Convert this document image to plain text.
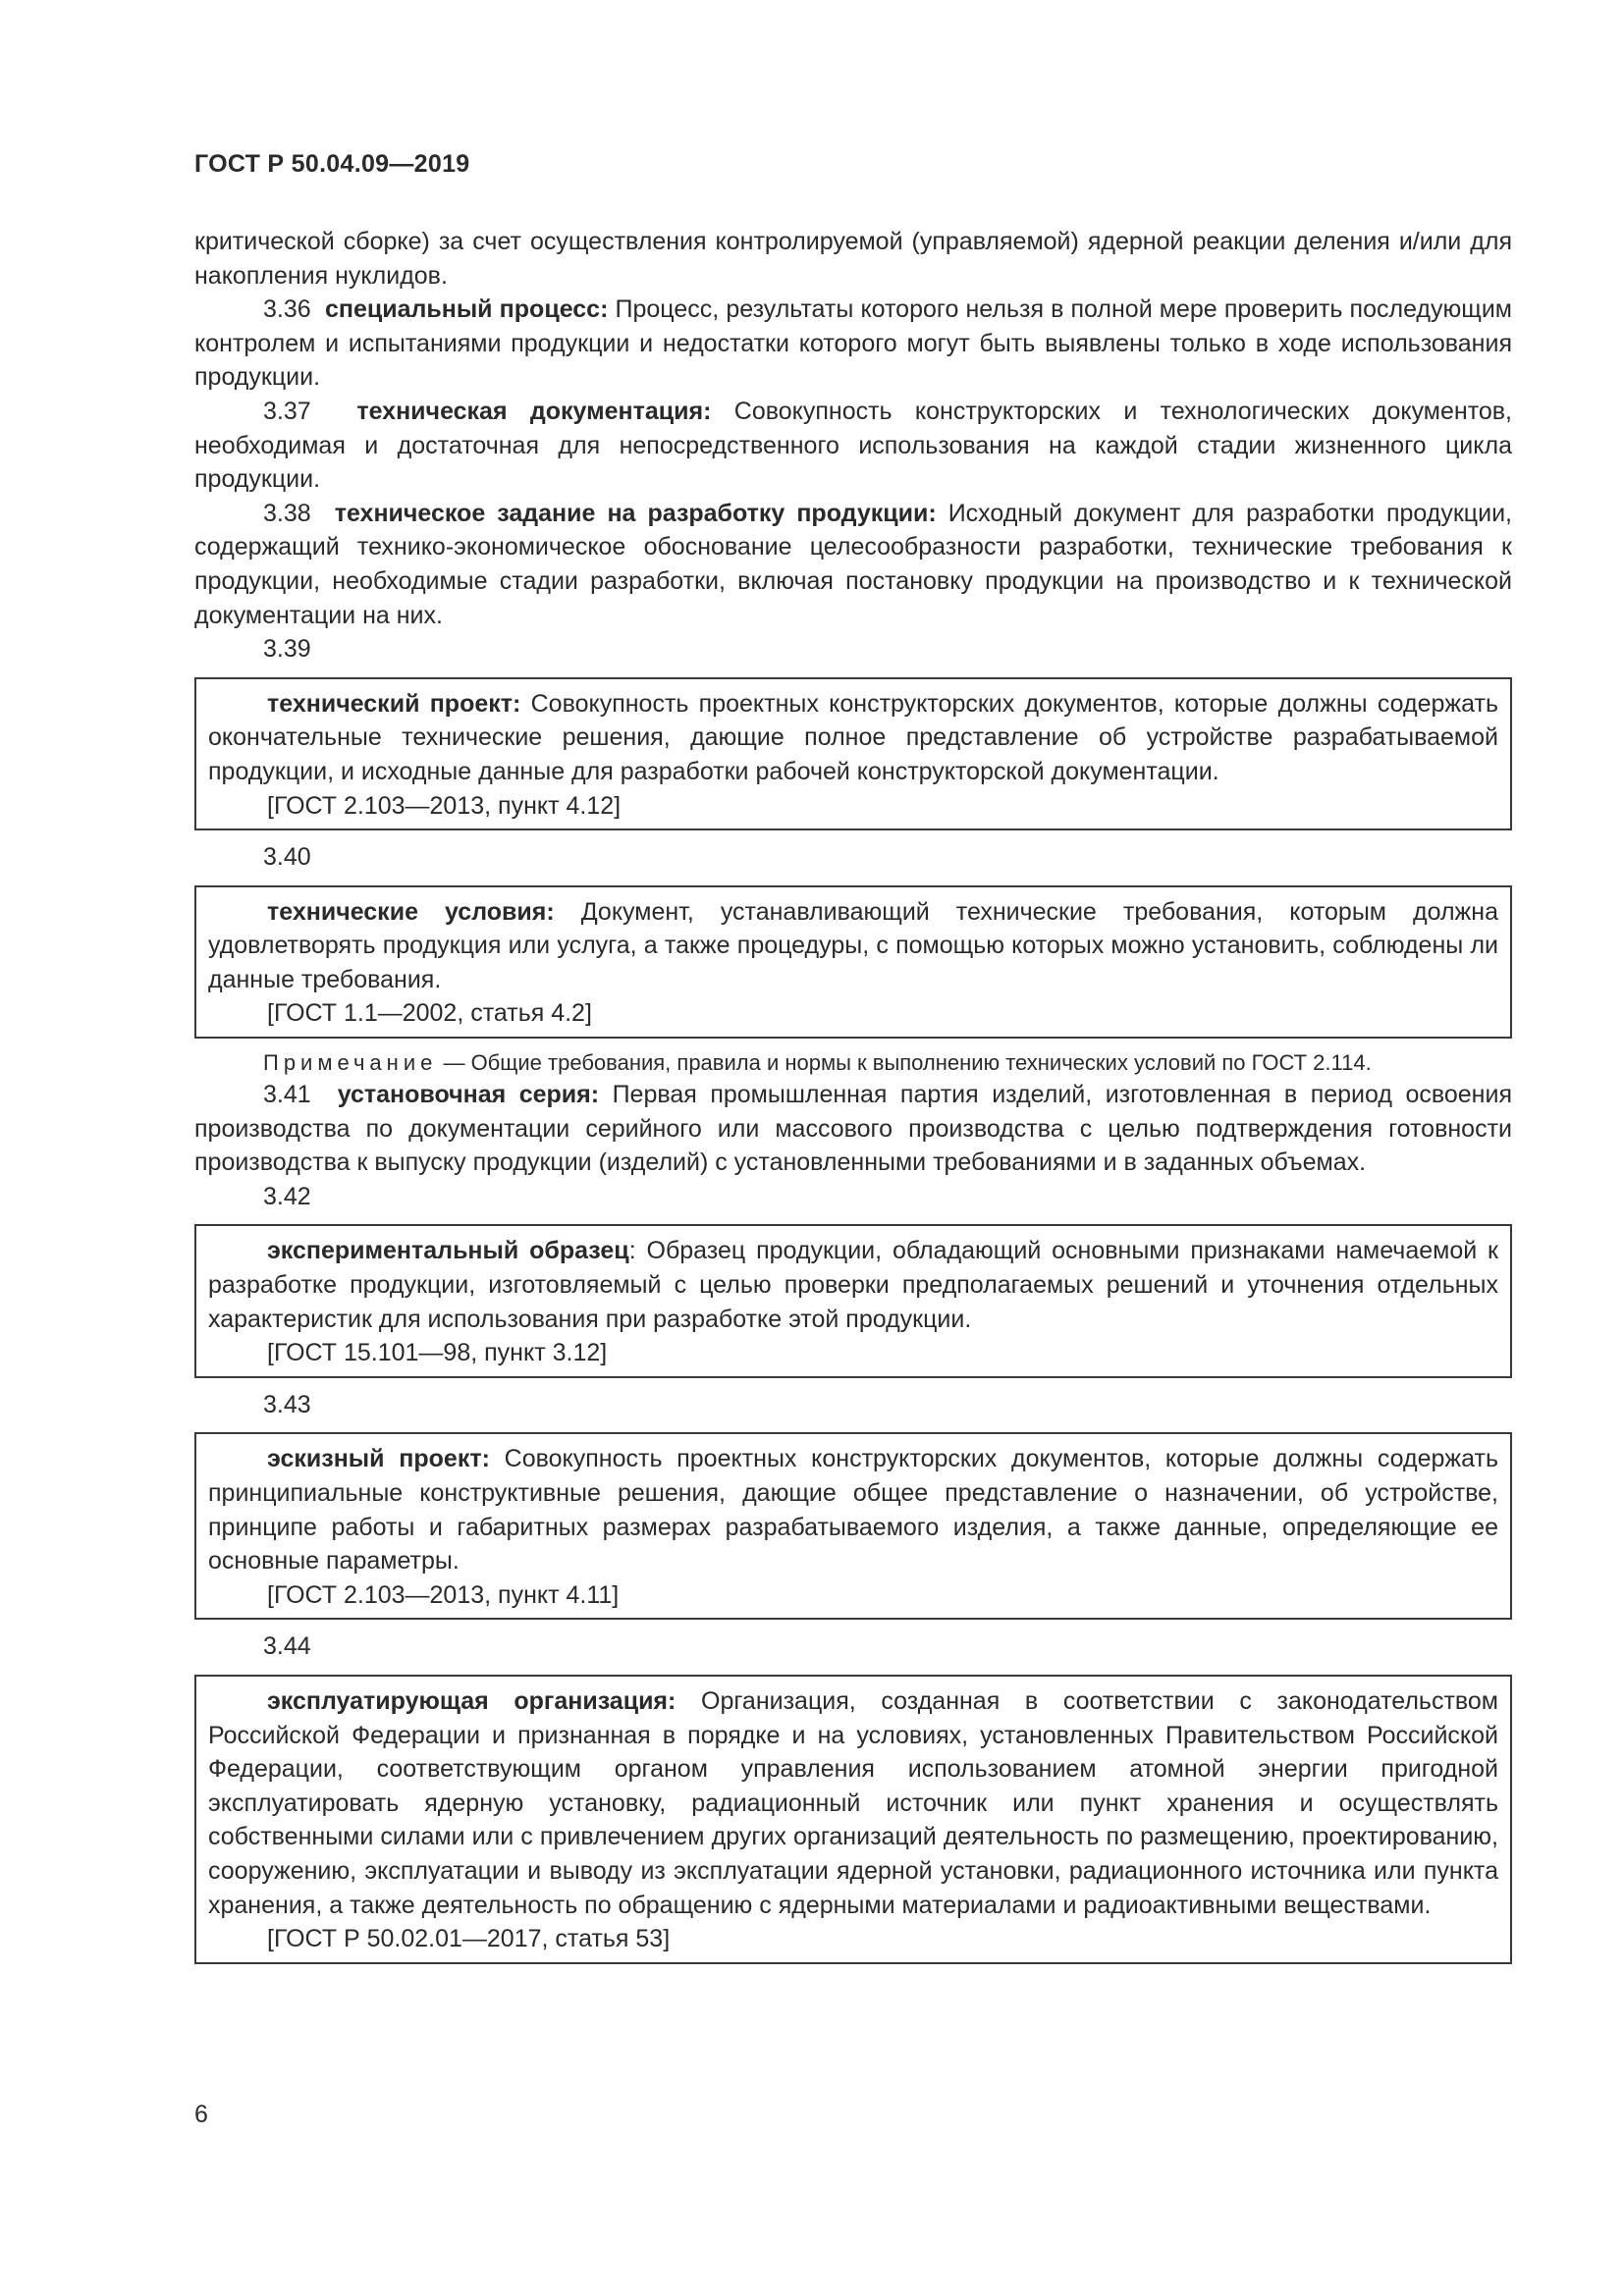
ГОСТ Р 50.04.09—2019

критической сборке) за счет осуществления контролируемой (управляемой) ядерной реакции деления и/или для накопления нуклидов.

3.36 специальный процесс: Процесс, результаты которого нельзя в полной мере проверить последующим контролем и испытаниями продукции и недостатки которого могут быть выявлены только в ходе использования продукции.

3.37 техническая документация: Совокупность конструкторских и технологических документов, необходимая и достаточная для непосредственного использования на каждой стадии жизненного цикла продукции.

3.38 техническое задание на разработку продукции: Исходный документ для разработки продукции, содержащий технико-экономическое обоснование целесообразности разработки, технические требования к продукции, необходимые стадии разработки, включая постановку продукции на производство и к технической документации на них.

3.39

технический проект: Совокупность проектных конструкторских документов, которые должны содержать окончательные технические решения, дающие полное представление об устройстве разрабатываемой продукции, и исходные данные для разработки рабочей конструкторской документации.

[ГОСТ 2.103—2013, пункт 4.12]

3.40

технические условия: Документ, устанавливающий технические требования, которым должна удовлетворять продукция или услуга, а также процедуры, с помощью которых можно установить, соблюдены ли данные требования.

[ГОСТ 1.1—2002, статья 4.2]

Примечание — Общие требования, правила и нормы к выполнению технических условий по ГОСТ 2.114.

3.41 установочная серия: Первая промышленная партия изделий, изготовленная в период освоения производства по документации серийного или массового производства с целью подтверждения готовности производства к выпуску продукции (изделий) с установленными требованиями и в заданных объемах.

3.42

экспериментальный образец: Образец продукции, обладающий основными признаками намечаемой к разработке продукции, изготовляемый с целью проверки предполагаемых решений и уточнения отдельных характеристик для использования при разработке этой продукции.

[ГОСТ 15.101—98, пункт 3.12]

3.43

эскизный проект: Совокупность проектных конструкторских документов, которые должны содержать принципиальные конструктивные решения, дающие общее представление о назначении, об устройстве, принципе работы и габаритных размерах разрабатываемого изделия, а также данные, определяющие ее основные параметры.

[ГОСТ 2.103—2013, пункт 4.11]

3.44

эксплуатирующая организация: Организация, созданная в соответствии с законодательством Российской Федерации и признанная в порядке и на условиях, установленных Правительством Российской Федерации, соответствующим органом управления использованием атомной энергии пригодной эксплуатировать ядерную установку, радиационный источник или пункт хранения и осуществлять собственными силами или с привлечением других организаций деятельность по размещению, проектированию, сооружению, эксплуатации и выводу из эксплуатации ядерной установки, радиационного источника или пункта хранения, а также деятельность по обращению с ядерными материалами и радиоактивными веществами.

[ГОСТ Р 50.02.01—2017, статья 53]

6
